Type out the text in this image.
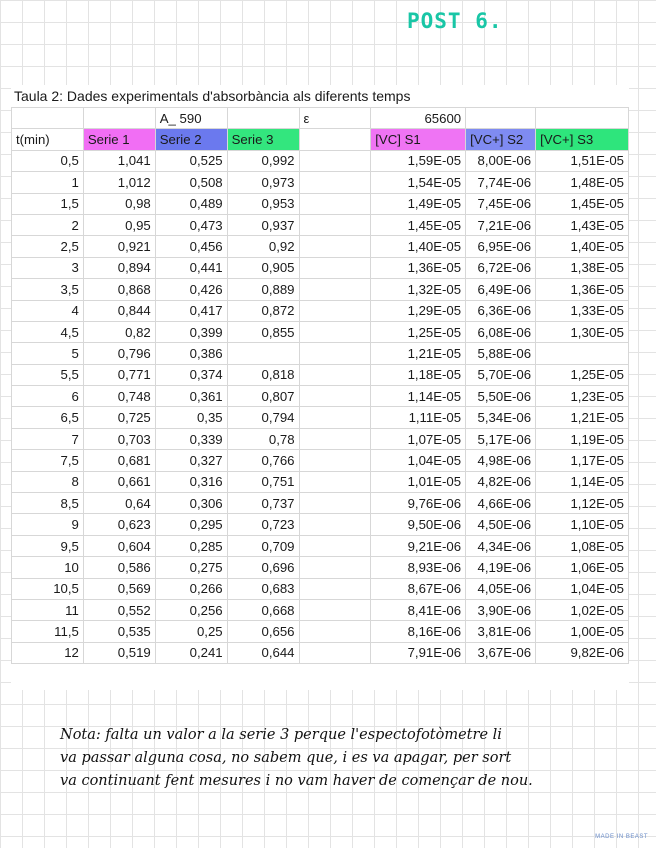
POST 6.
Taula 2: Dades experimentals d'absorbància als diferents temps
		A_ 590		ε	65600		
t(min)	Serie 1	Serie 2	Serie 3		[VC] S1	[VC+] S2	[VC+] S3
0,5	1,041	0,525	0,992		1,59E-05	8,00E-06	1,51E-05
1	1,012	0,508	0,973		1,54E-05	7,74E-06	1,48E-05
1,5	0,98	0,489	0,953		1,49E-05	7,45E-06	1,45E-05
2	0,95	0,473	0,937		1,45E-05	7,21E-06	1,43E-05
2,5	0,921	0,456	0,92		1,40E-05	6,95E-06	1,40E-05
3	0,894	0,441	0,905		1,36E-05	6,72E-06	1,38E-05
3,5	0,868	0,426	0,889		1,32E-05	6,49E-06	1,36E-05
4	0,844	0,417	0,872		1,29E-05	6,36E-06	1,33E-05
4,5	0,82	0,399	0,855		1,25E-05	6,08E-06	1,30E-05
5	0,796	0,386			1,21E-05	5,88E-06	
5,5	0,771	0,374	0,818		1,18E-05	5,70E-06	1,25E-05
6	0,748	0,361	0,807		1,14E-05	5,50E-06	1,23E-05
6,5	0,725	0,35	0,794		1,11E-05	5,34E-06	1,21E-05
7	0,703	0,339	0,78		1,07E-05	5,17E-06	1,19E-05
7,5	0,681	0,327	0,766		1,04E-05	4,98E-06	1,17E-05
8	0,661	0,316	0,751		1,01E-05	4,82E-06	1,14E-05
8,5	0,64	0,306	0,737		9,76E-06	4,66E-06	1,12E-05
9	0,623	0,295	0,723		9,50E-06	4,50E-06	1,10E-05
9,5	0,604	0,285	0,709		9,21E-06	4,34E-06	1,08E-05
10	0,586	0,275	0,696		8,93E-06	4,19E-06	1,06E-05
10,5	0,569	0,266	0,683		8,67E-06	4,05E-06	1,04E-05
11	0,552	0,256	0,668		8,41E-06	3,90E-06	1,02E-05
11,5	0,535	0,25	0,656		8,16E-06	3,81E-06	1,00E-05
12	0,519	0,241	0,644		7,91E-06	3,67E-06	9,82E-06
Nota: falta un valor a la serie 3 perque l'espectofotòmetre li
va passar alguna cosa, no sabem que, i es va apagar, per sort
va continuant fent mesures i no vam haver de començar de nou.
MADE IN BEAST
